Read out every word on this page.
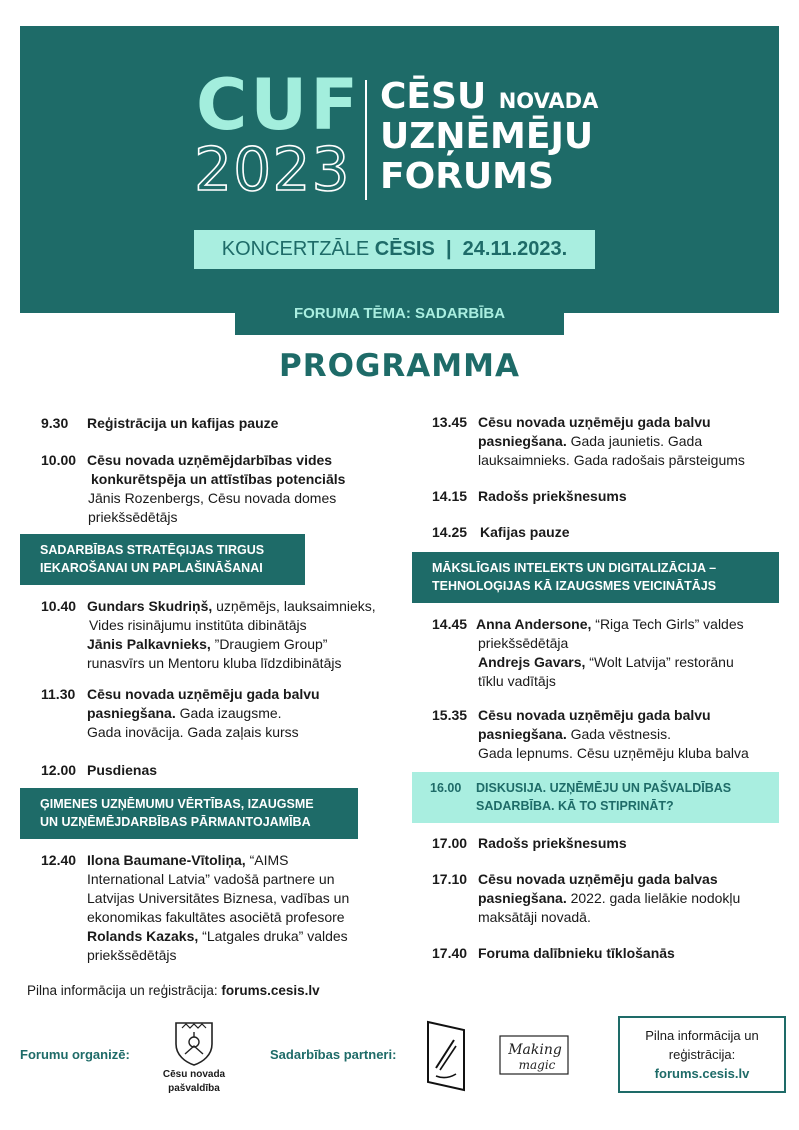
CUF
2023
CĒSU NOVADA
UZŅĒMĒJU
FORUMS
KONCERTZĀLE CĒSIS | 24.11.2023.
FORUMA TĒMA: SADARBĪBA
PROGRAMMA
9.30 Reģistrācija un kafijas pauze
10.00 Cēsu novada uzņēmējdarbības vides
konkurētspēja un attīstības potenciāls
Jānis Rozenbergs, Cēsu novada domes
priekšsēdētājs
SADARBĪBAS STRATĒĢIJAS TIRGUS
IEKAROŠANAI UN PAPLAŠINĀŠANAI
10.40 Gundars Skudriņš, uzņēmējs, lauksaimnieks,
Vides risinājumu institūta dibinātājs
Jānis Palkavnieks, ”Draugiem Group”
runasvīrs un Mentoru kluba līdzdibinātājs
11.30 Cēsu novada uzņēmēju gada balvu
pasniegšana. Gada izaugsme.
Gada inovācija. Gada zaļais kurss
12.00 Pusdienas
ĢIMENES UZŅĒMUMU VĒRTĪBAS, IZAUGSME
UN UZŅĒMĒJDARBĪBAS PĀRMANTOJAMĪBA
12.40 Ilona Baumane-Vītoliņa, “AIMS
International Latvia” vadošā partnere un
Latvijas Universitātes Biznesa, vadības un
ekonomikas fakultātes asociētā profesore
Rolands Kazaks, “Latgales druka” valdes
priekšsēdētājs
13.45 Cēsu novada uzņēmēju gada balvu
pasniegšana. Gada jaunietis. Gada
lauksaimnieks. Gada radošais pārsteigums
14.15 Radošs priekšnesums
14.25 Kafijas pauze
MĀKSLĪGAIS INTELEKTS UN DIGITALIZĀCIJA –
TEHNOLOĢIJAS KĀ IZAUGSMES VEICINĀTĀJS
14.45 Anna Andersone, “Riga Tech Girls” valdes
priekšsēdētāja
Andrejs Gavars, “Wolt Latvija” restorānu
tīklu vadītājs
15.35 Cēsu novada uzņēmēju gada balvu
pasniegšana. Gada vēstnesis.
Gada lepnums. Cēsu uzņēmēju kluba balva
16.00 DISKUSIJA. UZŅĒMĒJU UN PAŠVALDĪBAS
SADARBĪBA. KĀ TO STIPRINĀT?
17.00 Radošs priekšnesums
17.10 Cēsu novada uzņēmēju gada balvas
pasniegšana. 2022. gada lielākie nodokļu
maksātāji novadā.
17.40 Foruma dalībnieku tīklošanās
Pilna informācija un reģistrācija: forums.cesis.lv
Forumu organizē:
Cēsu novada
pašvaldība
Sadarbības partneri:	Making
magic
Pilna informācija un
reģistrācija:
forums.cesis.lv
